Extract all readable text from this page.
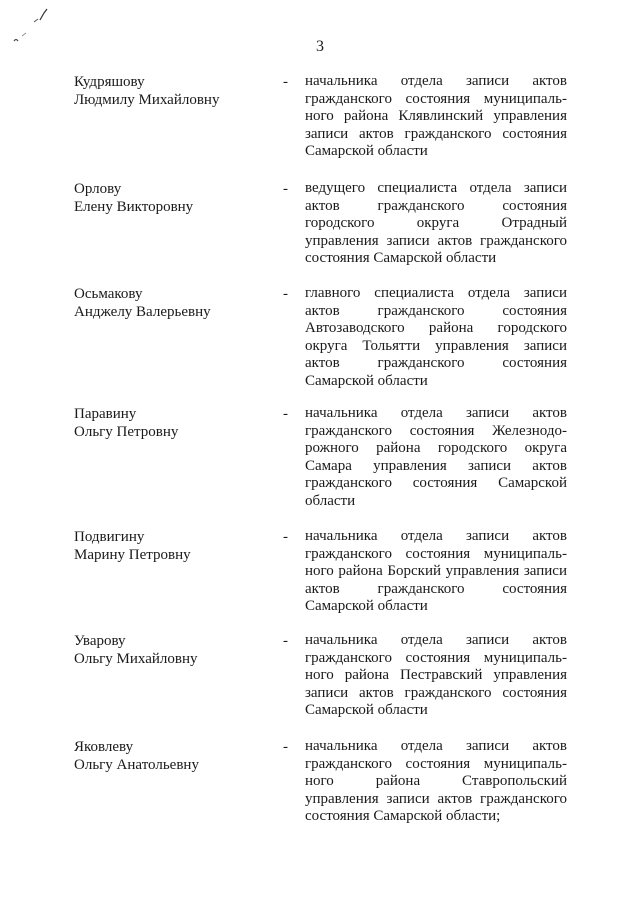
3
Кудряшову
Людмилу Михайловну
- начальника отдела записи актов гражданского состояния муниципального района Клявлинский управления записи актов гражданского состояния Самарской области
Орлову
Елену Викторовну
- ведущего специалиста отдела записи актов гражданского состояния городского округа Отрадный управления записи актов гражданского состояния Самарской области
Осьмакову
Анджелу Валерьевну
- главного специалиста отдела записи актов гражданского состояния Автозаводского района городского округа Тольятти управления записи актов гражданского состояния Самарской области
Паравину
Ольгу Петровну
- начальника отдела записи актов гражданского состояния Железнодорожного района городского округа Самара управления записи актов гражданского состояния Самарской области
Подвигину
Марину Петровну
- начальника отдела записи актов гражданского состояния муниципального района Борский управления записи актов гражданского состояния Самарской области
Уварову
Ольгу Михайловну
- начальника отдела записи актов гражданского состояния муниципального района Пестравский управления записи актов гражданского состояния Самарской области
Яковлеву
Ольгу Анатольевну
- начальника отдела записи актов гражданского состояния муниципального района Ставропольский управления записи актов гражданского состояния Самарской области;
